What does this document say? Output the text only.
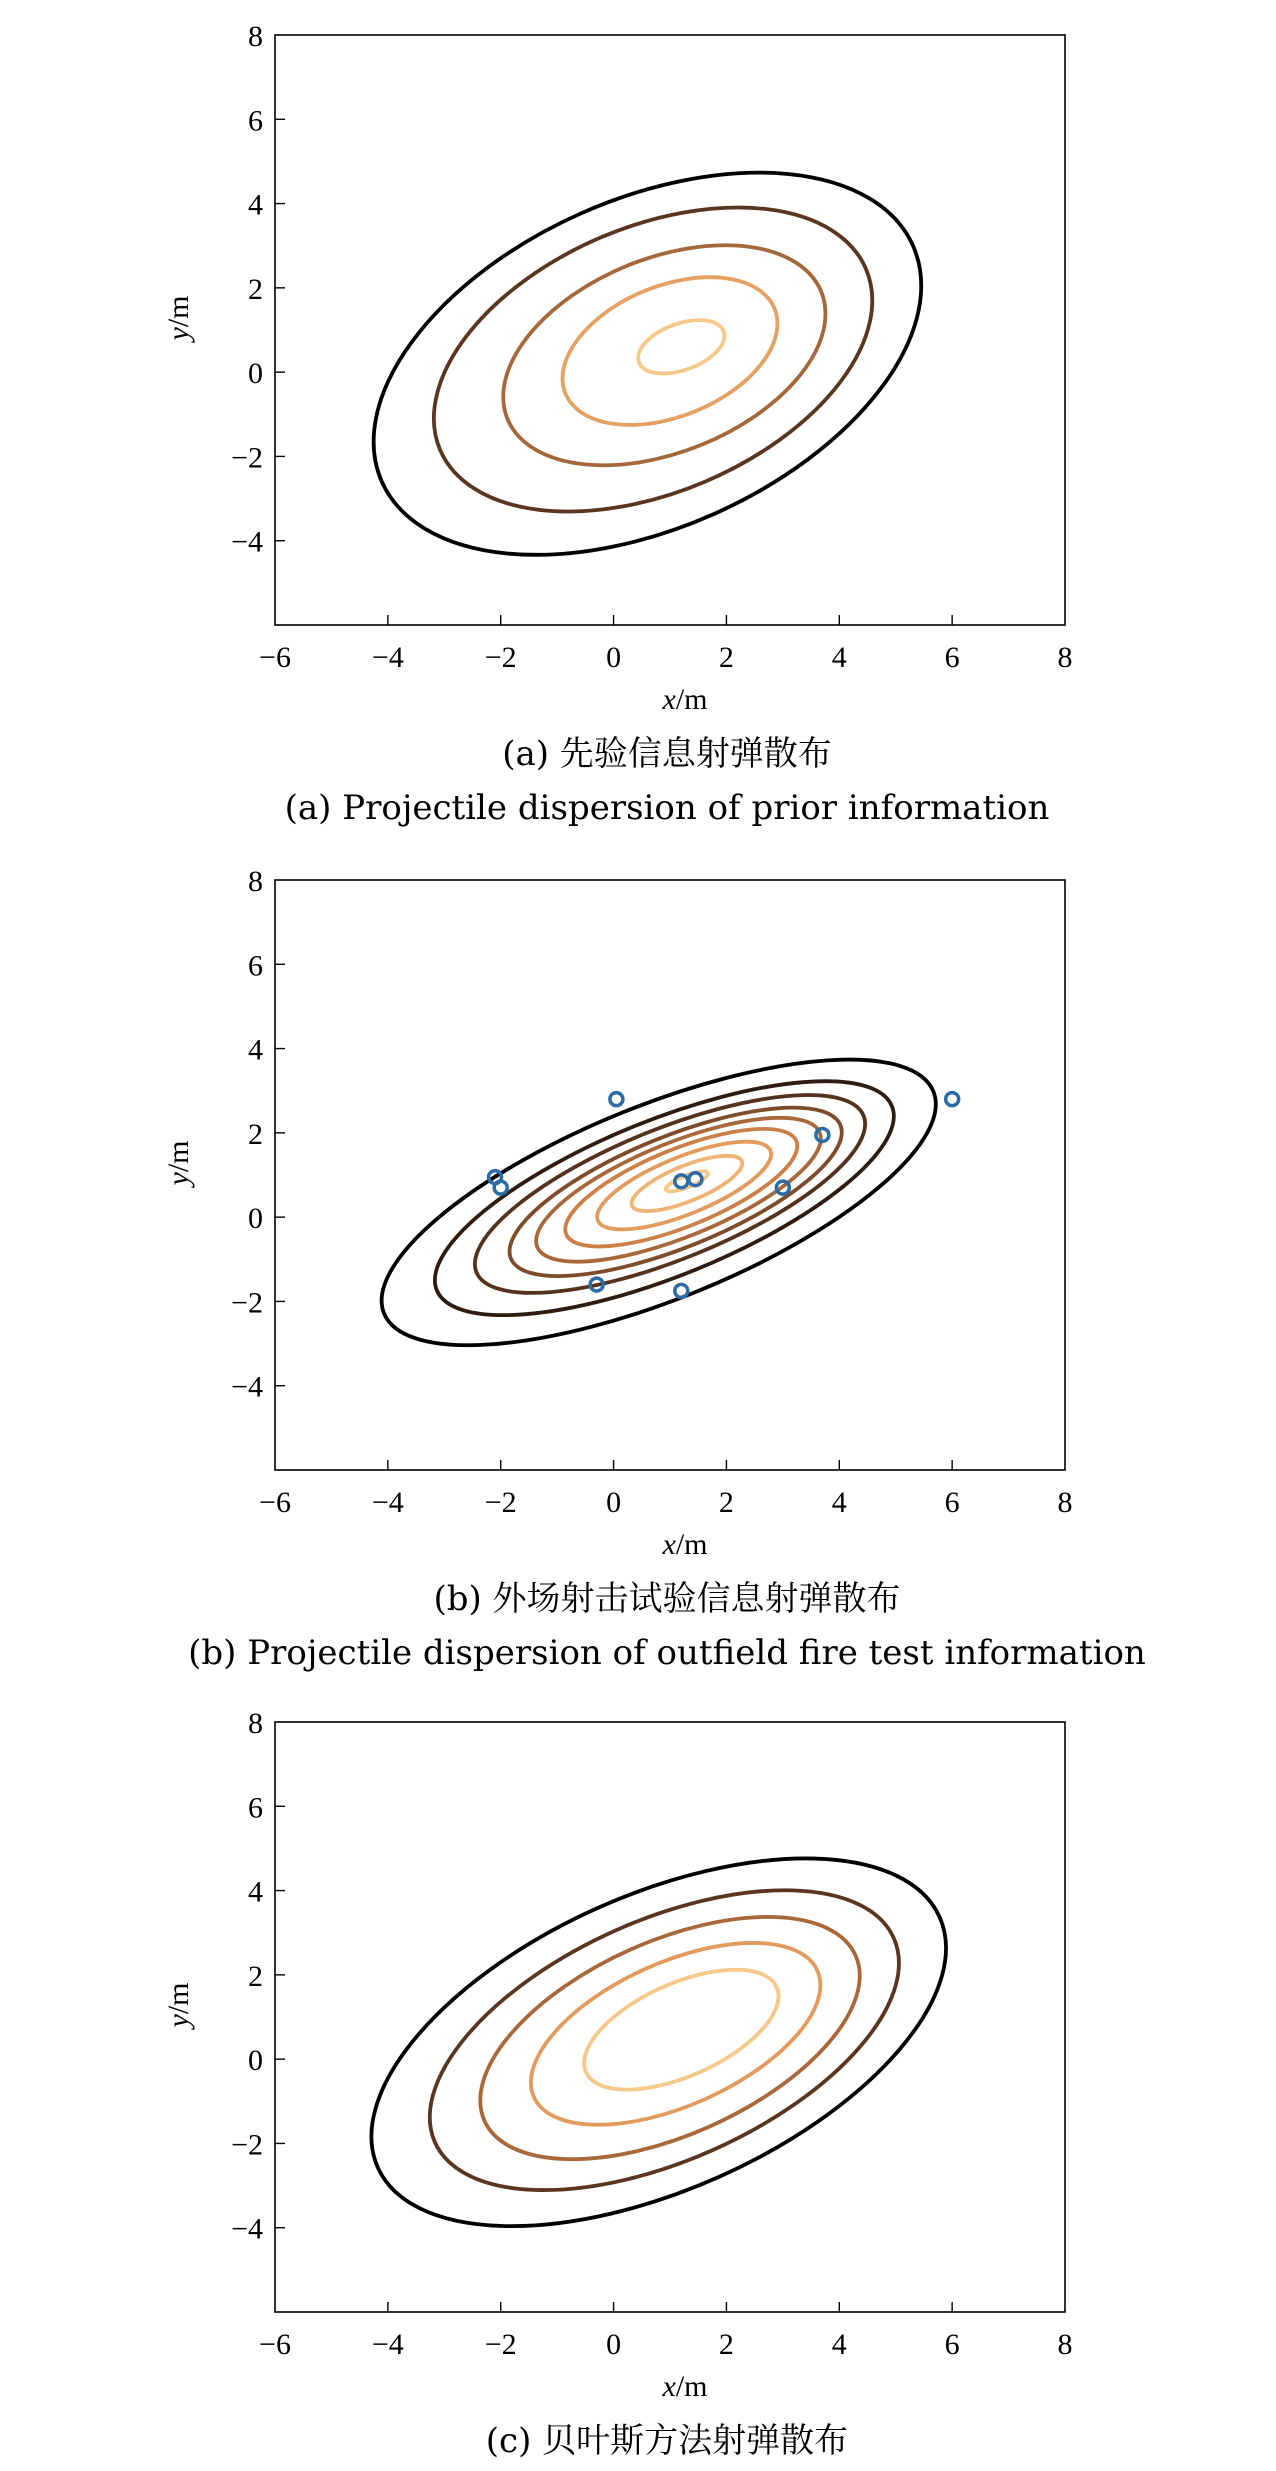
−6	−4	−2	0	2	4	6	8
8
6
4
2
0
−2
−4
x/m
y/m
(a) 先验信息射弹散布
(a) Projectile dispersion of prior information
−6	−4	−2	0	2	4	6	8
8
6
4
2
0
−2
−4
x/m
y/m
(b) 外场射击试验信息射弹散布
(b) Projectile dispersion of outfield fire test information
−6	−4	−2	0	2	4	6	8
8
6
4
2
0
−2
−4
x/m
y/m
(c) 贝叶斯方法射弹散布
